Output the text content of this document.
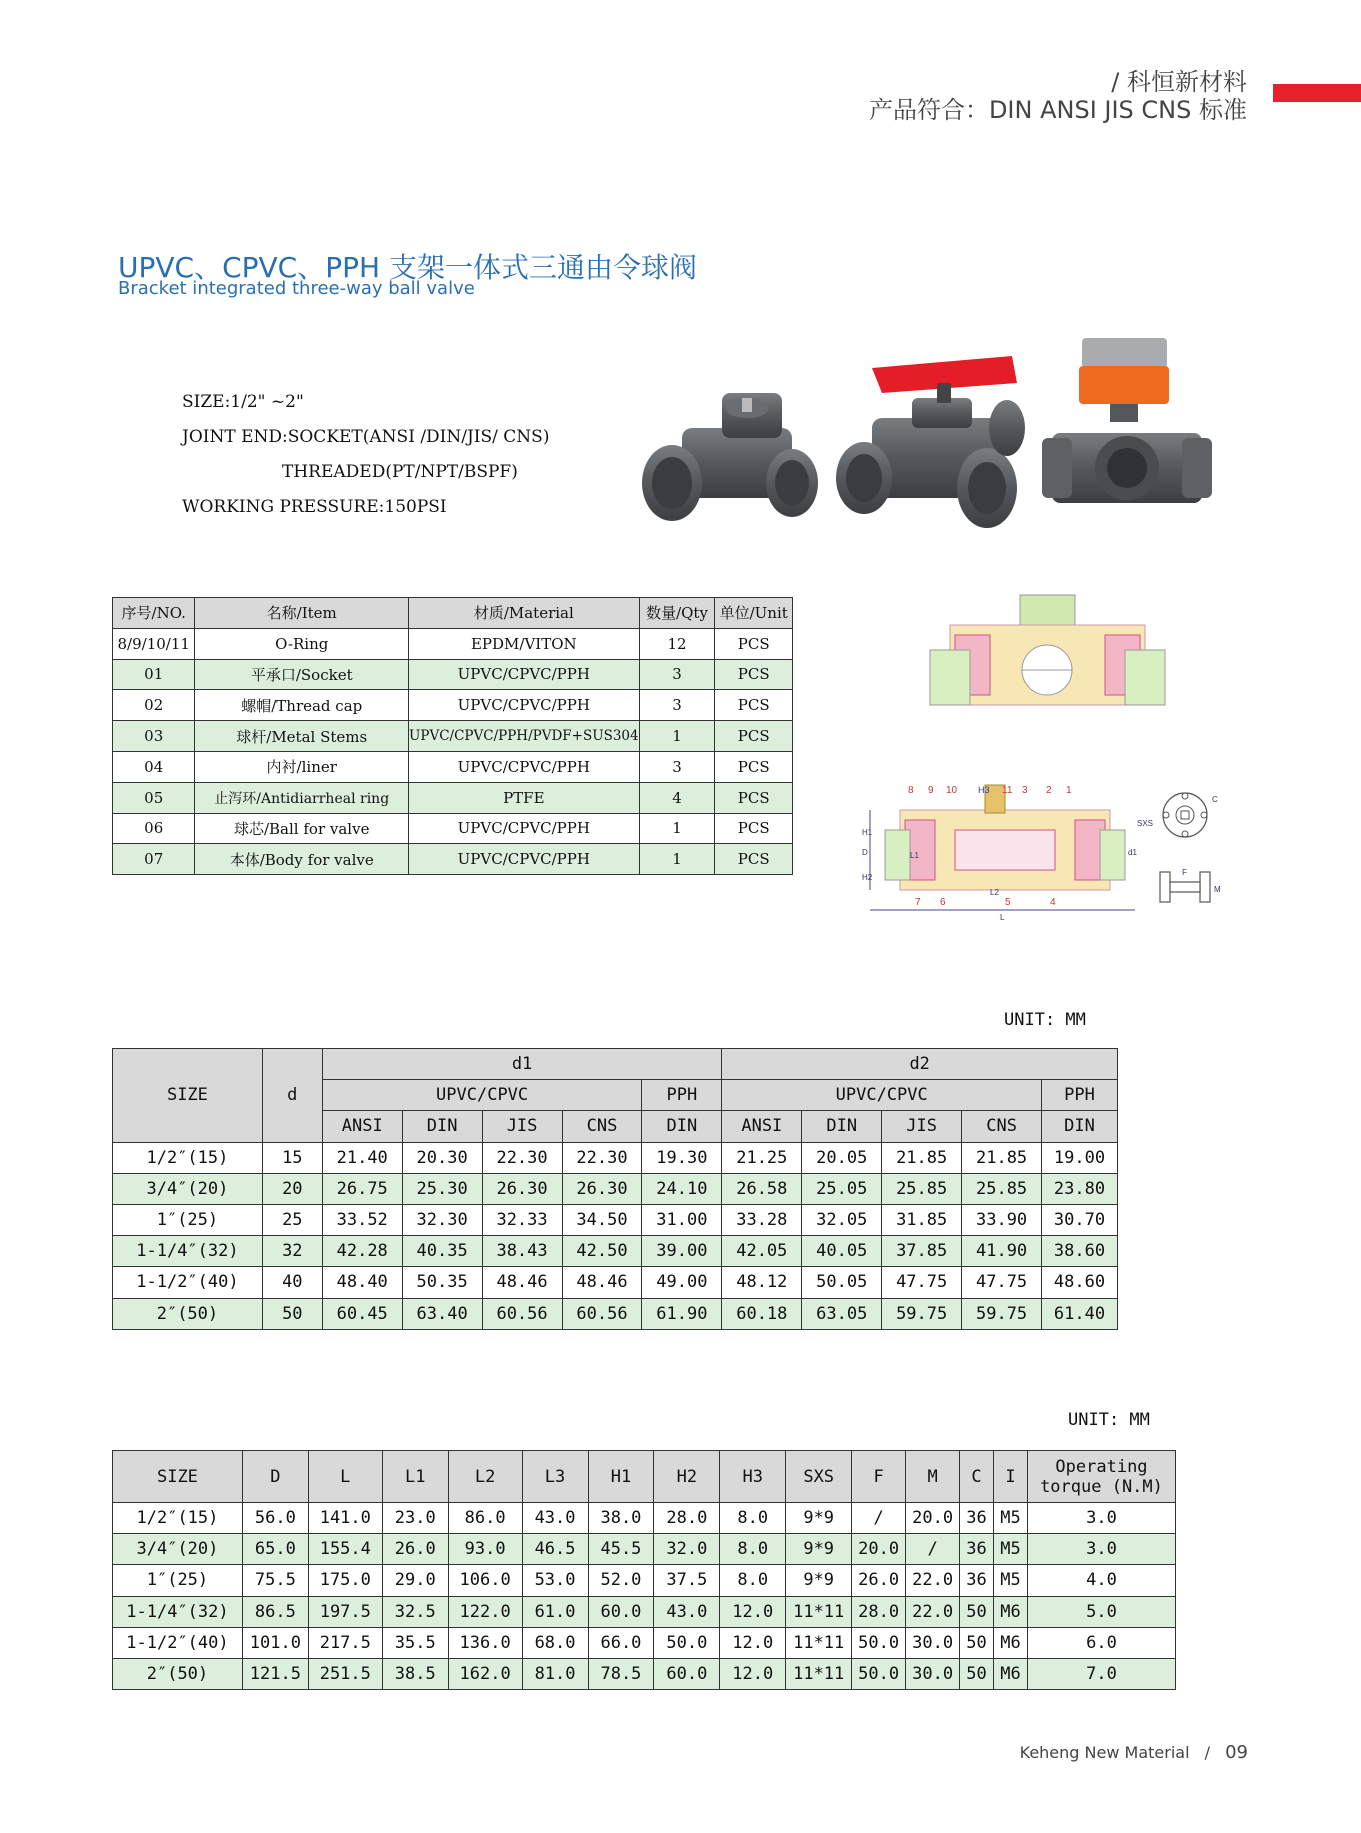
/ 科恒新材料
产品符合：DIN ANSI JIS CNS 标准
UPVC、CPVC、PPH 支架一体式三通由令球阀
Bracket integrated three-way ball valve
SIZE:1/2" ~2"
JOINT END:SOCKET(ANSI /DIN/JIS/ CNS)
THREADED(PT/NPT/BSPF)
WORKING PRESSURE:150PSI
序号/NO.	名称/Item	材质/Material	数量/Qty	单位/Unit
8/9/10/11	O-Ring	EPDM/VITON	12	PCS
01	平承口/Socket	UPVC/CPVC/PPH	3	PCS
02	螺帽/Thread cap	UPVC/CPVC/PPH	3	PCS
03	球杆/Metal Stems	UPVC/CPVC/PPH/PVDF+SUS304	1	PCS
04	内衬/liner	UPVC/CPVC/PPH	3	PCS
05	止泻环/Antidiarrheal ring	PTFE	4	PCS
06	球芯/Ball for valve	UPVC/CPVC/PPH	1	PCS
07	本体/Body for valve	UPVC/CPVC/PPH	1	PCS
8 9 10 H3 11 3 2 1
7 6	5	4
L1
L2
L
H1
H2
D	d1
SXS
C
F
M
UNIT: MM
SIZE	d	d1					d2				
		UPVC/CPVC				PPH	UPVC/CPVC				PPH
		ANSI	DIN	JIS	CNS	DIN	ANSI	DIN	JIS	CNS	DIN
1/2″(15)	15	21.40	20.30	22.30	22.30	19.30	21.25	20.05	21.85	21.85	19.00
3/4″(20)	20	26.75	25.30	26.30	26.30	24.10	26.58	25.05	25.85	25.85	23.80
1″(25)	25	33.52	32.30	32.33	34.50	31.00	33.28	32.05	31.85	33.90	30.70
1-1/4″(32)	32	42.28	40.35	38.43	42.50	39.00	42.05	40.05	37.85	41.90	38.60
1-1/2″(40)	40	48.40	50.35	48.46	48.46	49.00	48.12	50.05	47.75	47.75	48.60
2″(50)	50	60.45	63.40	60.56	60.56	61.90	60.18	63.05	59.75	59.75	61.40
UNIT: MM
SIZE	D	L	L1	L2	L3	H1	H2	H3	SXS	F	M	C	I	Operating
torque (N.M)

1/2″(15)	56.0	141.0	23.0	86.0	43.0	38.0	28.0	8.0	9*9	/	20.0	36	M5	3.0
3/4″(20)	65.0	155.4	26.0	93.0	46.5	45.5	32.0	8.0	9*9	20.0	/	36	M5	3.0
1″(25)	75.5	175.0	29.0	106.0	53.0	52.0	37.5	8.0	9*9	26.0	22.0	36	M5	4.0
1-1/4″(32)	86.5	197.5	32.5	122.0	61.0	60.0	43.0	12.0	11*11	28.0	22.0	50	M6	5.0
1-1/2″(40)	101.0	217.5	35.5	136.0	68.0	66.0	50.0	12.0	11*11	50.0	30.0	50	M6	6.0
2″(50)	121.5	251.5	38.5	162.0	81.0	78.5	60.0	12.0	11*11	50.0	30.0	50	M6	7.0
Keheng New Material / 09
